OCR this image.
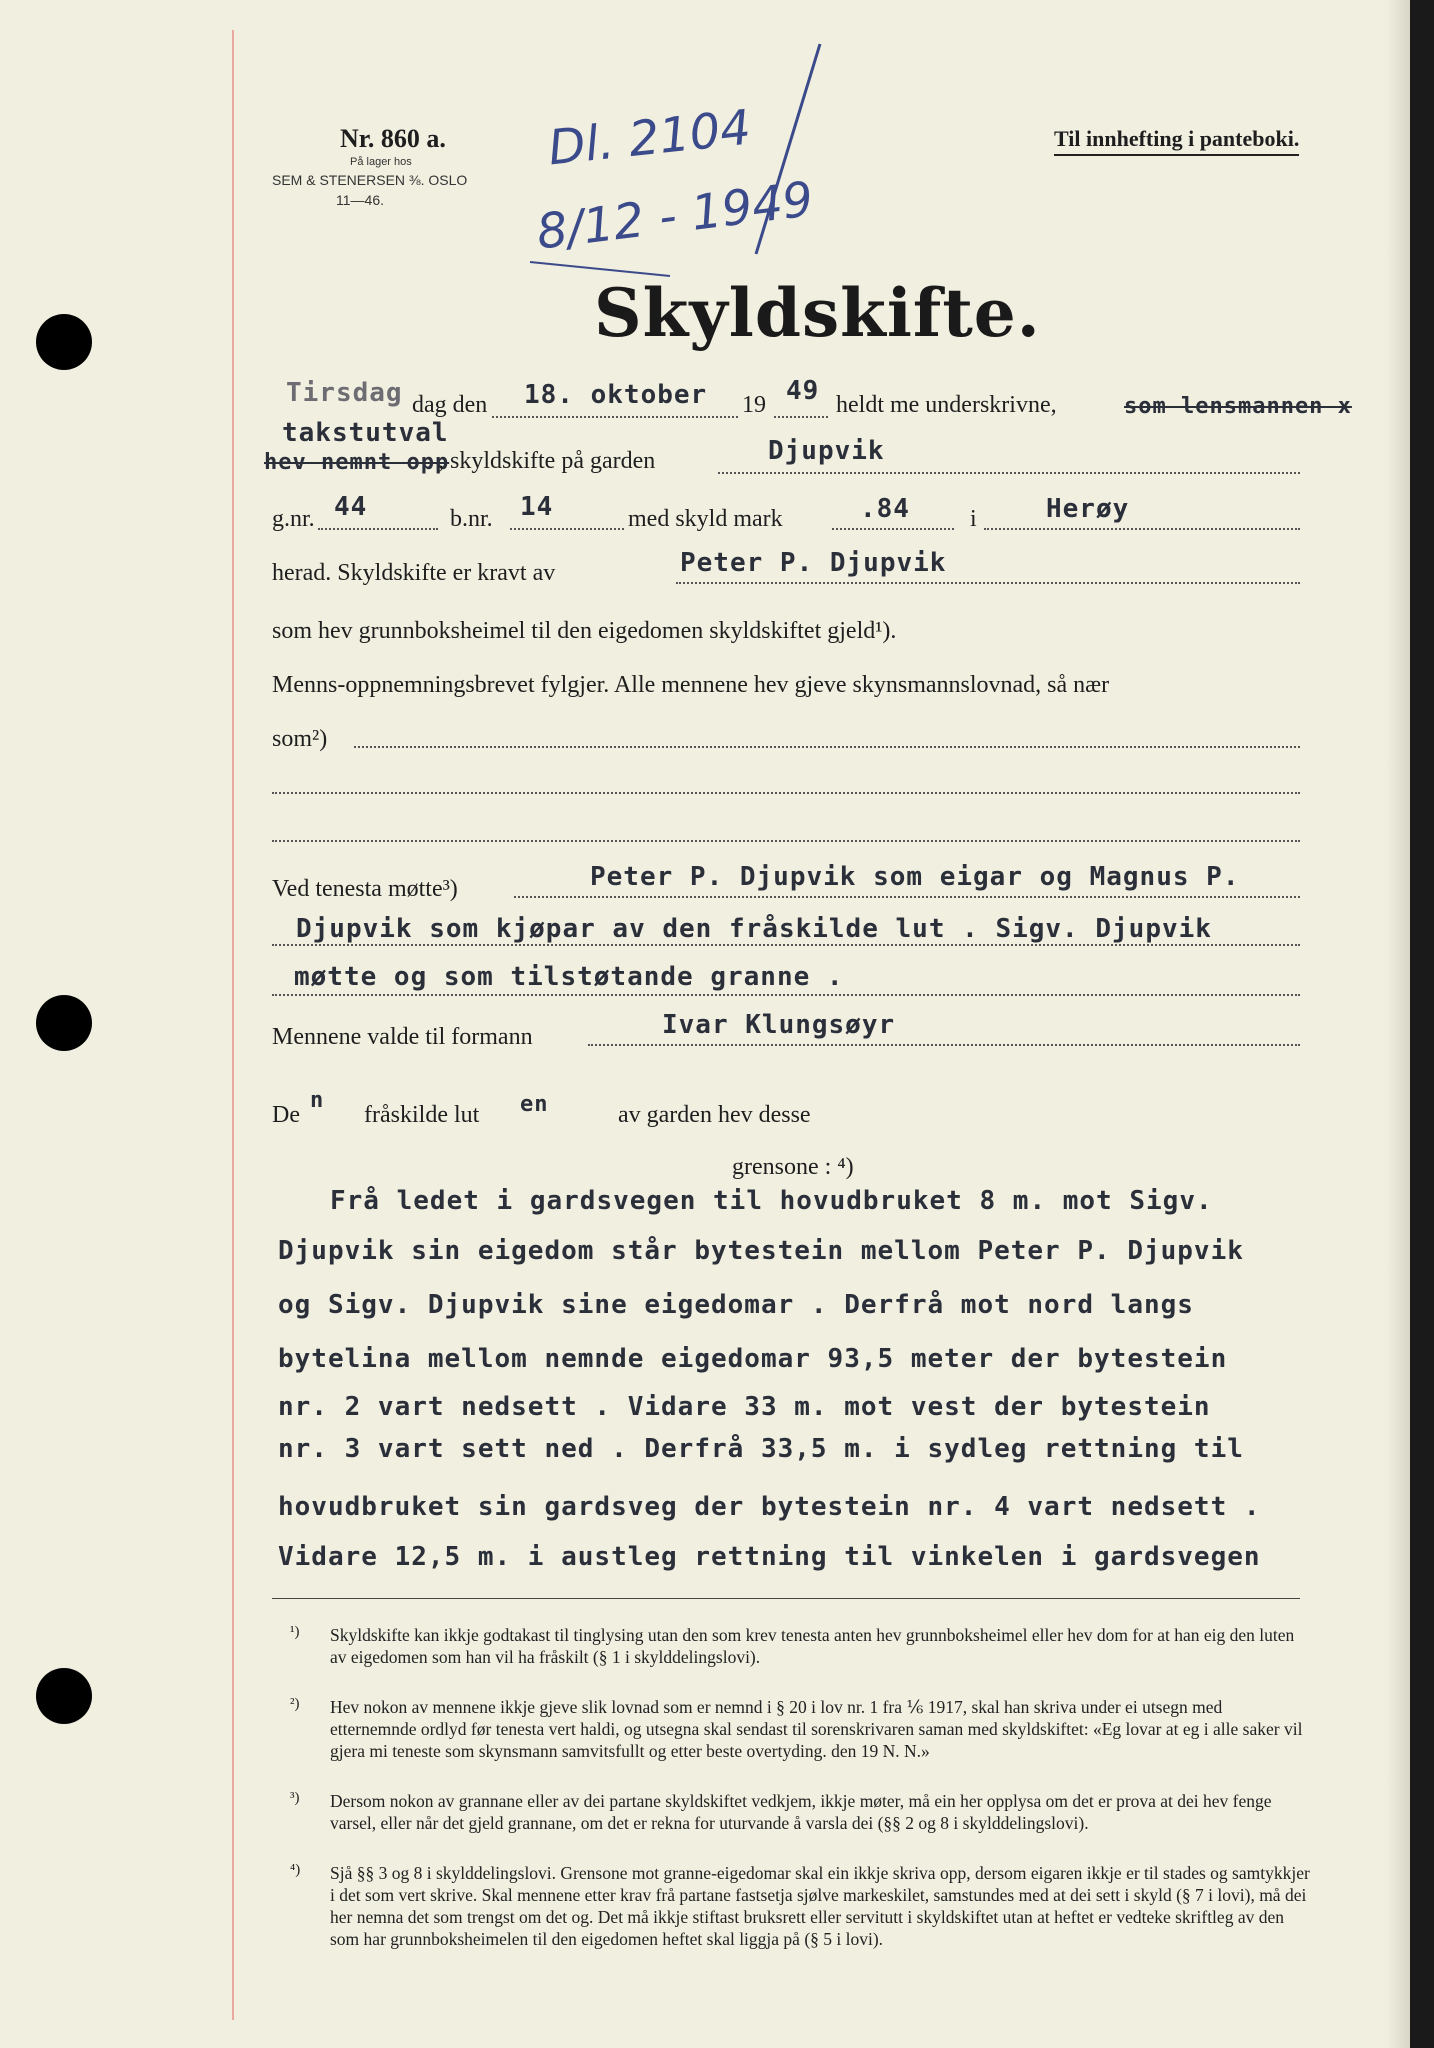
Nr. 860 a.
På lager hos
SEM & STENERSEN ⅜. OSLO
11—46.
Til innhefting i panteboki.
Dl. 2104
8/12 - 1949
Skyldskifte.
Tirsdag dag den 18. oktober 19 49 heldt me underskrivne,	som lensmannen x
takstutval
hev nemnt opp
, skyldskifte på garden	Djupvik
g.nr. 44	b.nr. 14	med skyld mark	.84	i	Herøy
herad. Skyldskifte er kravt av	Peter P. Djupvik
som hev grunnboksheimel til den eigedomen skyldskiftet gjeld¹).
Menns-oppnemningsbrevet fylgjer. Alle mennene hev gjeve skynsmannslovnad, så nær
som²)
Ved tenesta møtte³)	Peter P. Djupvik som eigar og Magnus P.
Djupvik som kjøpar av den fråskilde lut . Sigv. Djupvik
møtte og som tilstøtande granne .
Mennene valde til formann	Ivar Klungsøyr
De
n
fråskilde lut en	av garden hev desse
grensone : ⁴)
Frå ledet i gardsvegen til hovudbruket 8 m. mot Sigv.
Djupvik sin eigedom står bytestein mellom Peter P. Djupvik
og Sigv. Djupvik sine eigedomar . Derfrå mot nord langs
bytelina mellom nemnde eigedomar 93,5 meter der bytestein
nr. 2 vart nedsett . Vidare 33 m. mot vest der bytestein
nr. 3 vart sett ned . Derfrå 33,5 m. i sydleg rettning til
hovudbruket sin gardsveg der bytestein nr. 4 vart nedsett .
Vidare 12,5 m. i austleg rettning til vinkelen i gardsvegen
¹) Skyldskifte kan ikkje godtakast til tinglysing utan den som krev tenesta anten hev grunnboksheimel eller hev dom for at han eig den luten av eigedomen som han vil ha fråskilt (§ 1 i skylddelingslovi).
²) Hev nokon av mennene ikkje gjeve slik lovnad som er nemnd i § 20 i lov nr. 1 fra ⅙ 1917, skal han skriva under ei utsegn med etternemnde ordlyd før tenesta vert haldi, og utsegna skal sendast til sorenskrivaren saman med skyldskiftet: «Eg lovar at eg i alle saker vil gjera mi teneste som skynsmann samvitsfullt og etter beste overtyding. den 19 N. N.»
³) Dersom nokon av grannane eller av dei partane skyldskiftet vedkjem, ikkje møter, må ein her opplysa om det er prova at dei hev fenge varsel, eller når det gjeld grannane, om det er rekna for uturvande å varsla dei (§§ 2 og 8 i skylddelingslovi).
⁴) Sjå §§ 3 og 8 i skylddelingslovi. Grensone mot granne-eigedomar skal ein ikkje skriva opp, dersom eigaren ikkje er til stades og samtykkjer i det som vert skrive. Skal mennene etter krav frå partane fastsetja sjølve markeskilet, samstundes med at dei sett i skyld (§ 7 i lovi), må dei her nemna det som trengst om det og. Det må ikkje stiftast bruksrett eller servitutt i skyldskiftet utan at heftet er vedteke skriftleg av den som har grunnboksheimelen til den eigedomen heftet skal liggja på (§ 5 i lovi).
